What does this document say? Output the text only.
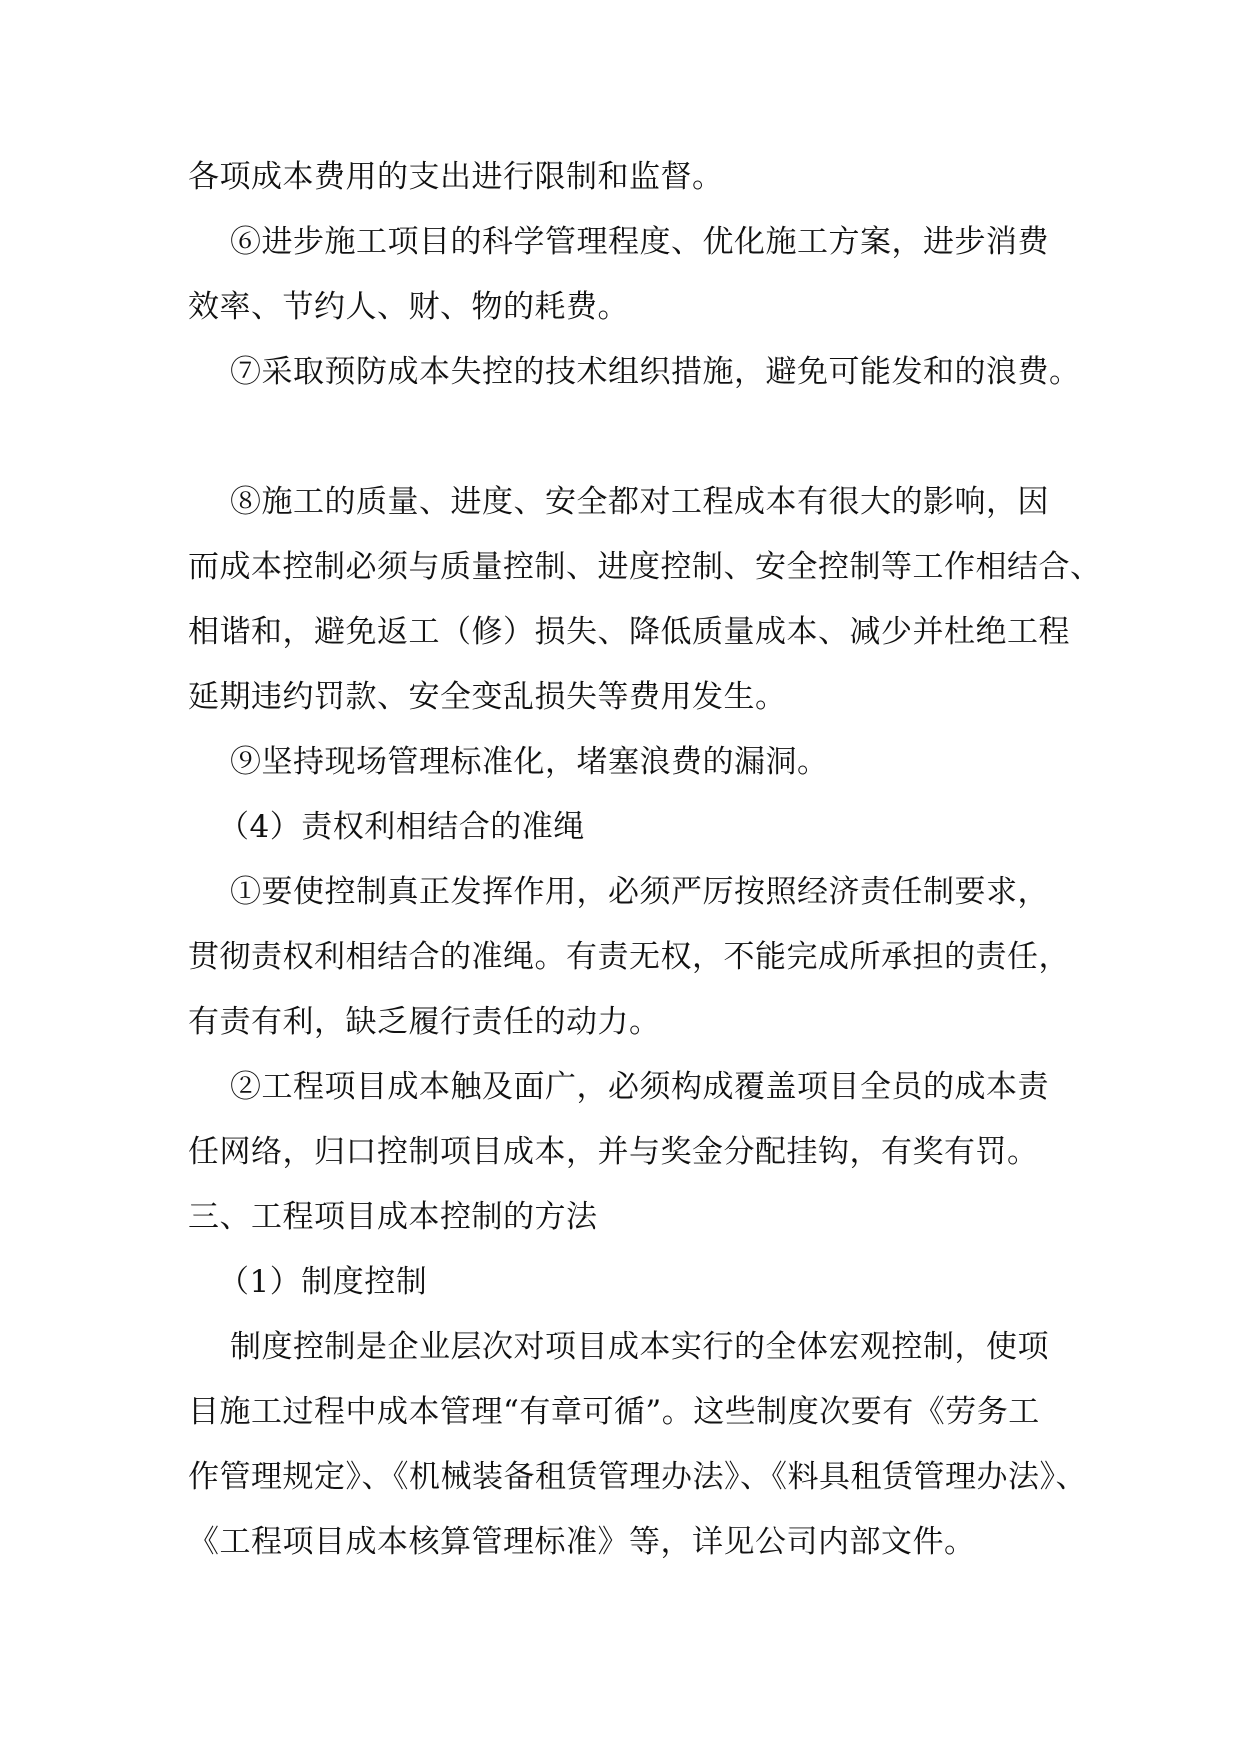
各项成本费用的支出进行限制和监督。
⑥进步施工项目的科学管理程度、优化施工方案，进步消费
效率、节约人、财、物的耗费。
⑦采取预防成本失控的技术组织措施，避免可能发和的浪费。
⑧施工的质量、进度、安全都对工程成本有很大的影响，因
而成本控制必须与质量控制、进度控制、安全控制等工作相结合、
相谐和，避免返工（修）损失、降低质量成本、减少并杜绝工程
延期违约罚款、安全变乱损失等费用发生。
⑨坚持现场管理标准化，堵塞浪费的漏洞。
（4）责权利相结合的准绳
①要使控制真正发挥作用，必须严厉按照经济责任制要求，
贯彻责权利相结合的准绳。有责无权，不能完成所承担的责任，
有责有利，缺乏履行责任的动力。
②工程项目成本触及面广，必须构成覆盖项目全员的成本责
任网络，归口控制项目成本，并与奖金分配挂钩，有奖有罚。
三、工程项目成本控制的方法
（1）制度控制
制度控制是企业层次对项目成本实行的全体宏观控制，使项
目施工过程中成本管理“有章可循”。这些制度次要有《劳务工
作管理规定》、《机械装备租赁管理办法》、《料具租赁管理办法》、
《工程项目成本核算管理标准》等，详见公司内部文件。
